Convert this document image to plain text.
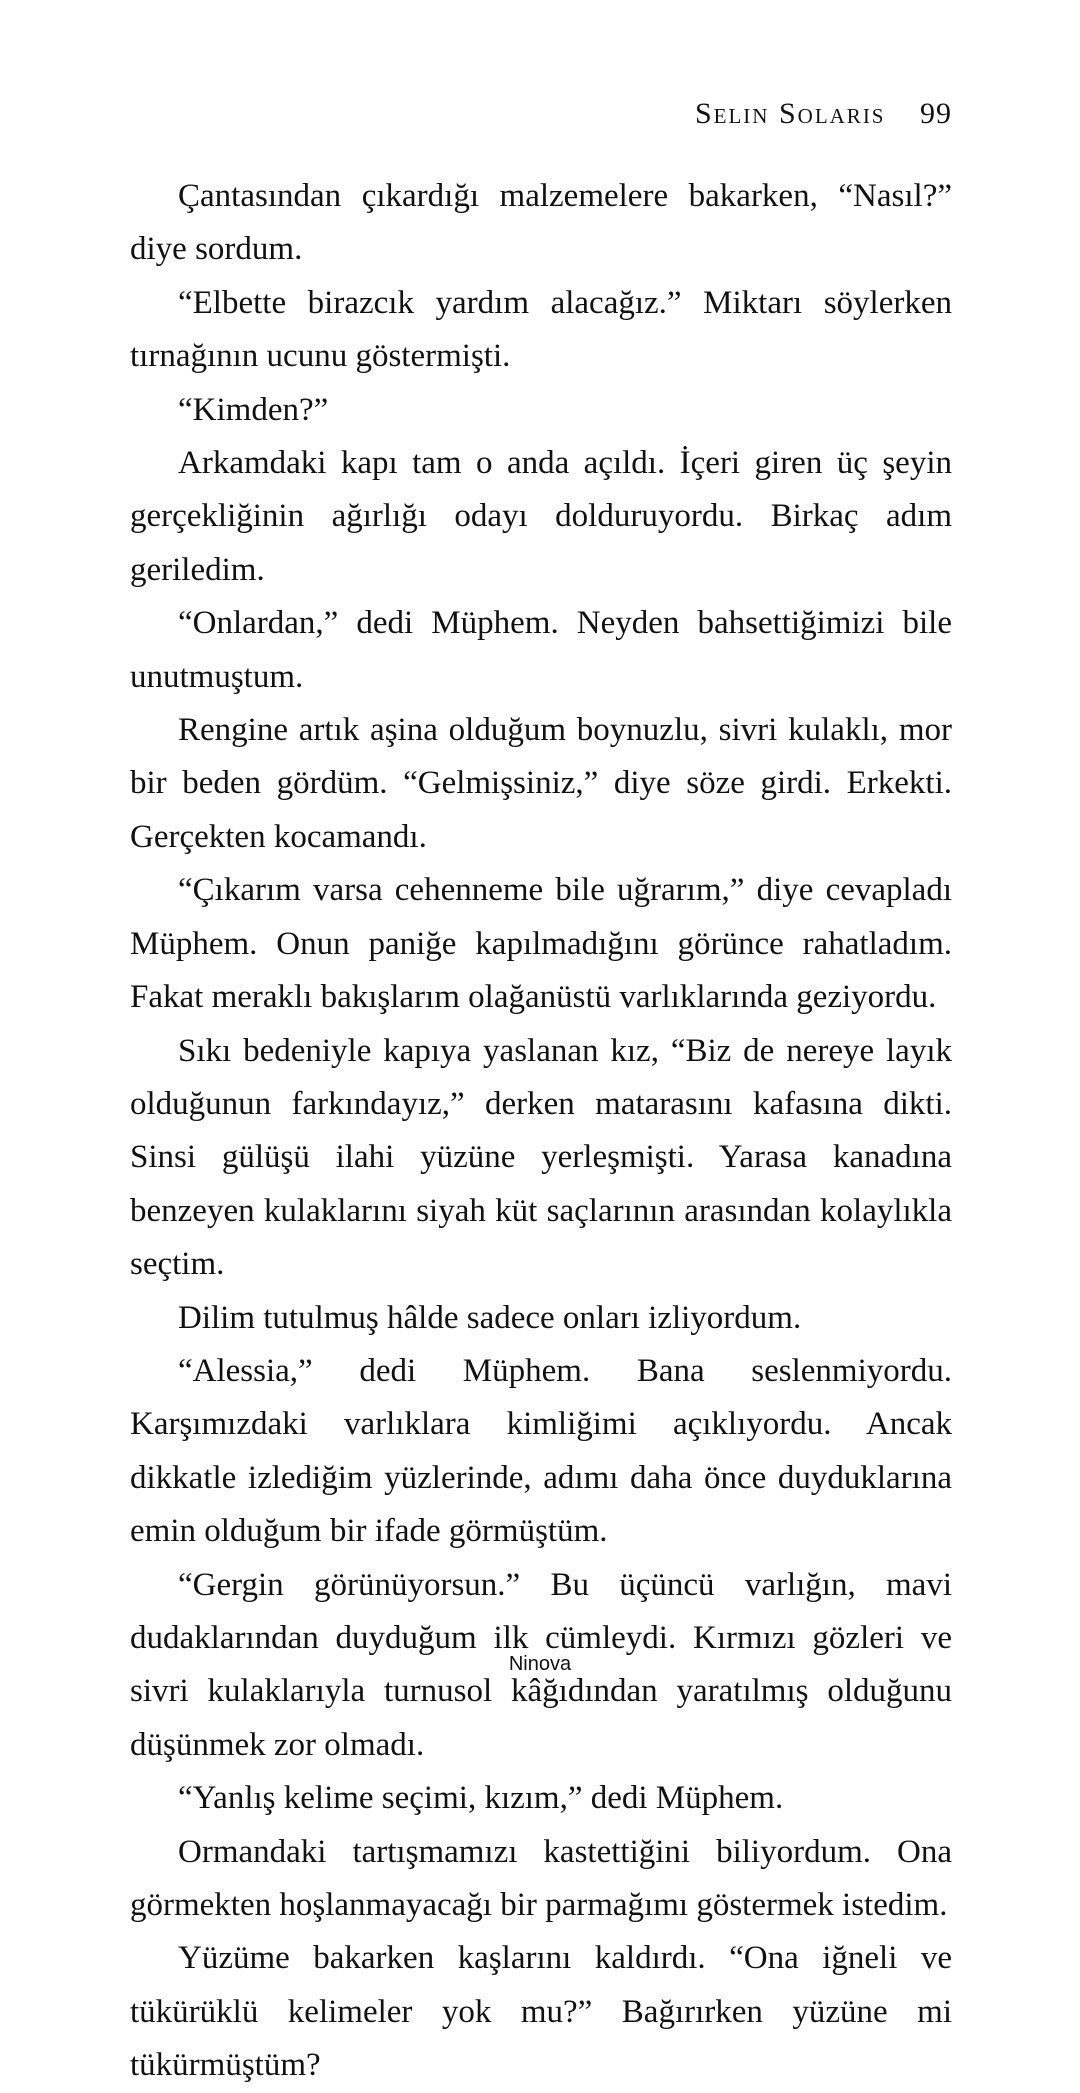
Selin Solaris 99

Çantasından çıkardığı malzemelere bakarken, “Nasıl?” diye sordum.

“Elbette birazcık yardım alacağız.” Miktarı söylerken tırnağının ucunu göstermişti.

“Kimden?”

Arkamdaki kapı tam o anda açıldı. İçeri giren üç şeyin gerçekliğinin ağırlığı odayı dolduruyordu. Birkaç adım geriledim.

“Onlardan,” dedi Müphem. Neyden bahsettiğimizi bile unutmuştum.

Rengine artık aşina olduğum boynuzlu, sivri kulaklı, mor bir beden gördüm. “Gelmişsiniz,” diye söze girdi. Erkekti. Gerçekten kocamandı.

“Çıkarım varsa cehenneme bile uğrarım,” diye cevapladı Müphem. Onun paniğe kapılmadığını görünce rahatladım. Fakat meraklı bakışlarım olağanüstü varlıklarında geziyordu.

Sıkı bedeniyle kapıya yaslanan kız, “Biz de nereye layık olduğunun farkındayız,” derken matarasını kafasına dikti. Sinsi gülüşü ilahi yüzüne yerleşmişti. Yarasa kanadına benzeyen kulaklarını siyah küt saçlarının arasından kolaylıkla seçtim.

Dilim tutulmuş hâlde sadece onları izliyordum.

“Alessia,” dedi Müphem. Bana seslenmiyordu. Karşımızdaki varlıklara kimliğimi açıklıyordu. Ancak dikkatle izlediğim yüzlerinde, adımı daha önce duyduklarına emin olduğum bir ifade görmüştüm.

“Gergin görünüyorsun.” Bu üçüncü varlığın, mavi dudaklarından duyduğum ilk cümleydi. Kırmızı gözleri ve sivri kulaklarıyla turnusol kâğıdından yaratılmış olduğunu düşünmek zor olmadı.

“Yanlış kelime seçimi, kızım,” dedi Müphem.

Ormandaki tartışmamızı kastettiğini biliyordum. Ona görmekten hoşlanmayacağı bir parmağımı göstermek istedim.

Yüzüme bakarken kaşlarını kaldırdı. “Ona iğneli ve tükürüklü kelimeler yok mu?” Bağırırken yüzüne mi tükürmüştüm?

Ninova
